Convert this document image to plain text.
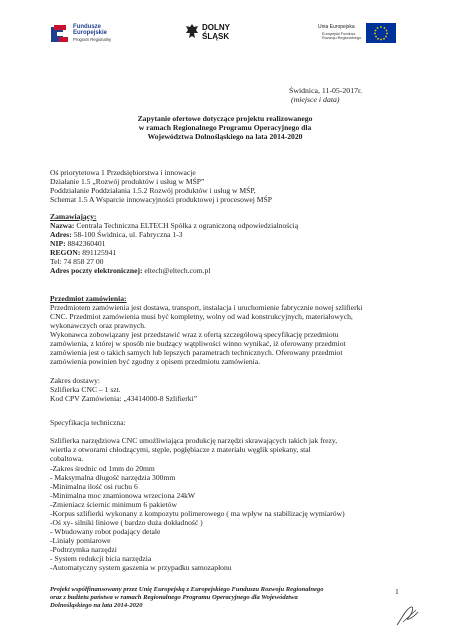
Fundusze
Europejskie
Program Regionalny
DOLNY
ŚLĄSK
Unia Europejska
Europejski Fundusz
Rozwoju Regionalnego
Świdnica, 11-05-2017r.
(miejsce i data)
Zapytanie ofertowe dotyczące projektu realizowanego
w ramach Regionalnego Programu Operacyjnego dla
Województwa Dolnośląskiego na lata 2014-2020
Oś priorytetowa 1 Przedsiębiorstwa i innowacje
Działanie 1.5 „Rozwój produktów i usług w MŚP”
Poddziałanie Poddziałania 1.5.2 Rozwój produktów i usług w MŚP,
Schemat 1.5 A Wsparcie innowacyjności produktowej i procesowej MŚP
Zamawiający:
Nazwa: Centrala Techniczna ELTECH Spółka z ograniczoną odpowiedzialnością
Adres: 58-100 Świdnica, ul. Fabryczna 1-3
NIP: 8842360401
REGON: 891125941
Tel: 74 858 27 00
Adres poczty elektronicznej: eltech@eltech.com.pl
Przedmiot zamówienia:
Przedmiotem zamówienia jest dostawa, transport, instalacja i uruchomienie fabrycznie nowej szlifierki
CNC. Przedmiot zamówienia musi być kompletny, wolny od wad konstrukcyjnych, materiałowych,
wykonawczych oraz prawnych.
Wykonawca zobowiązany jest przedstawić wraz z ofertą szczegółową specyfikację przedmiotu
zamówienia, z której w sposób nie budzący wątpliwości winno wynikać, iż oferowany przedmiot
zamówienia jest o takich samych lub lepszych parametrach technicznych. Oferowany przedmiot
zamówienia powinien być zgodny z opisem przedmiotu zamówienia.
Zakres dostawy:
Szlifierka CNC – 1 szt.
Kod CPV Zamówienia: „43414000-8 Szlifierki”
Specyfikacja techniczna:
Szlifierka narzędziowa CNC umożliwiająca produkcję narzędzi skrawających takich jak frezy,
wiertła z otworami chłodzącymi, stęple, pogłębiacze z materiału węglik spiekany, stal
cobaltowa.
-Zakres średnic od 1mm do 20mm
- Maksymalna długość narzędzia 300mm
-Minimalna ilość osi ruchu 6
-Minimalna moc znamionowa wrzeciona 24kW
-Zmieniacz ściernic minimum 6 pakietów
-Korpus szlifierki wykonany z kompozytu polimerowego ( ma wpływ na stabilizację wymiarów)
-Oś xy- silniki liniowe ( bardzo duża dokładność )
- Wbudowany robot podający detale
-Liniały pomiarowe
-Podtrzymka narzędzi
- System redukcji bicia narzędzia
-Automatyczny system gaszenia w przypadku samozapłonu
Projekt współfinansowany przez Unię Europejską z Europejskiego Funduszu Rozwoju Regionalnego
oraz z budżetu państwa w ramach Regionalnego Programu Operacyjnego dla Województwa
Dolnośląskiego na lata 2014-2020
1
